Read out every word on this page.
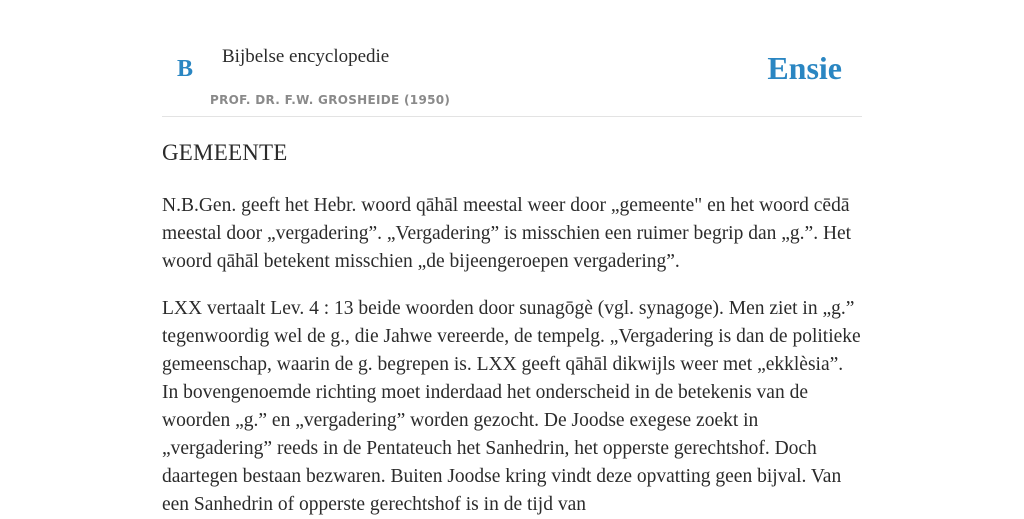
B Bijbelse encyclopedie
PROF. DR. F.W. GROSHEIDE (1950)
Ensie
GEMEENTE

N.B.Gen. geeft het Hebr. woord qāhāl meestal weer door „gemeente" en het woord cēdā meestal door „vergadering”. „Vergadering” is misschien een ruimer begrip dan „g.”. Het woord qāhāl betekent misschien „de bijeengeroepen vergadering”.

LXX vertaalt Lev. 4 : 13 beide woorden door sunagōgè (vgl. synagoge). Men ziet in „g.” tegenwoordig wel de g., die Jahwe vereerde, de tempelg. „Vergadering is dan de politieke gemeenschap, waarin de g. begrepen is. LXX geeft qāhāl dikwijls weer met „ekklèsia”. In bovengenoemde richting moet inderdaad het onderscheid in de betekenis van de woorden „g.” en „vergadering” worden gezocht. De Joodse exegese zoekt in „vergadering” reeds in de Pentateuch het Sanhedrin, het opperste gerechtshof. Doch daartegen bestaan bezwaren. Buiten Joodse kring vindt deze opvatting geen bijval. Van een Sanhedrin of opperste gerechtshof is in de tijd van
